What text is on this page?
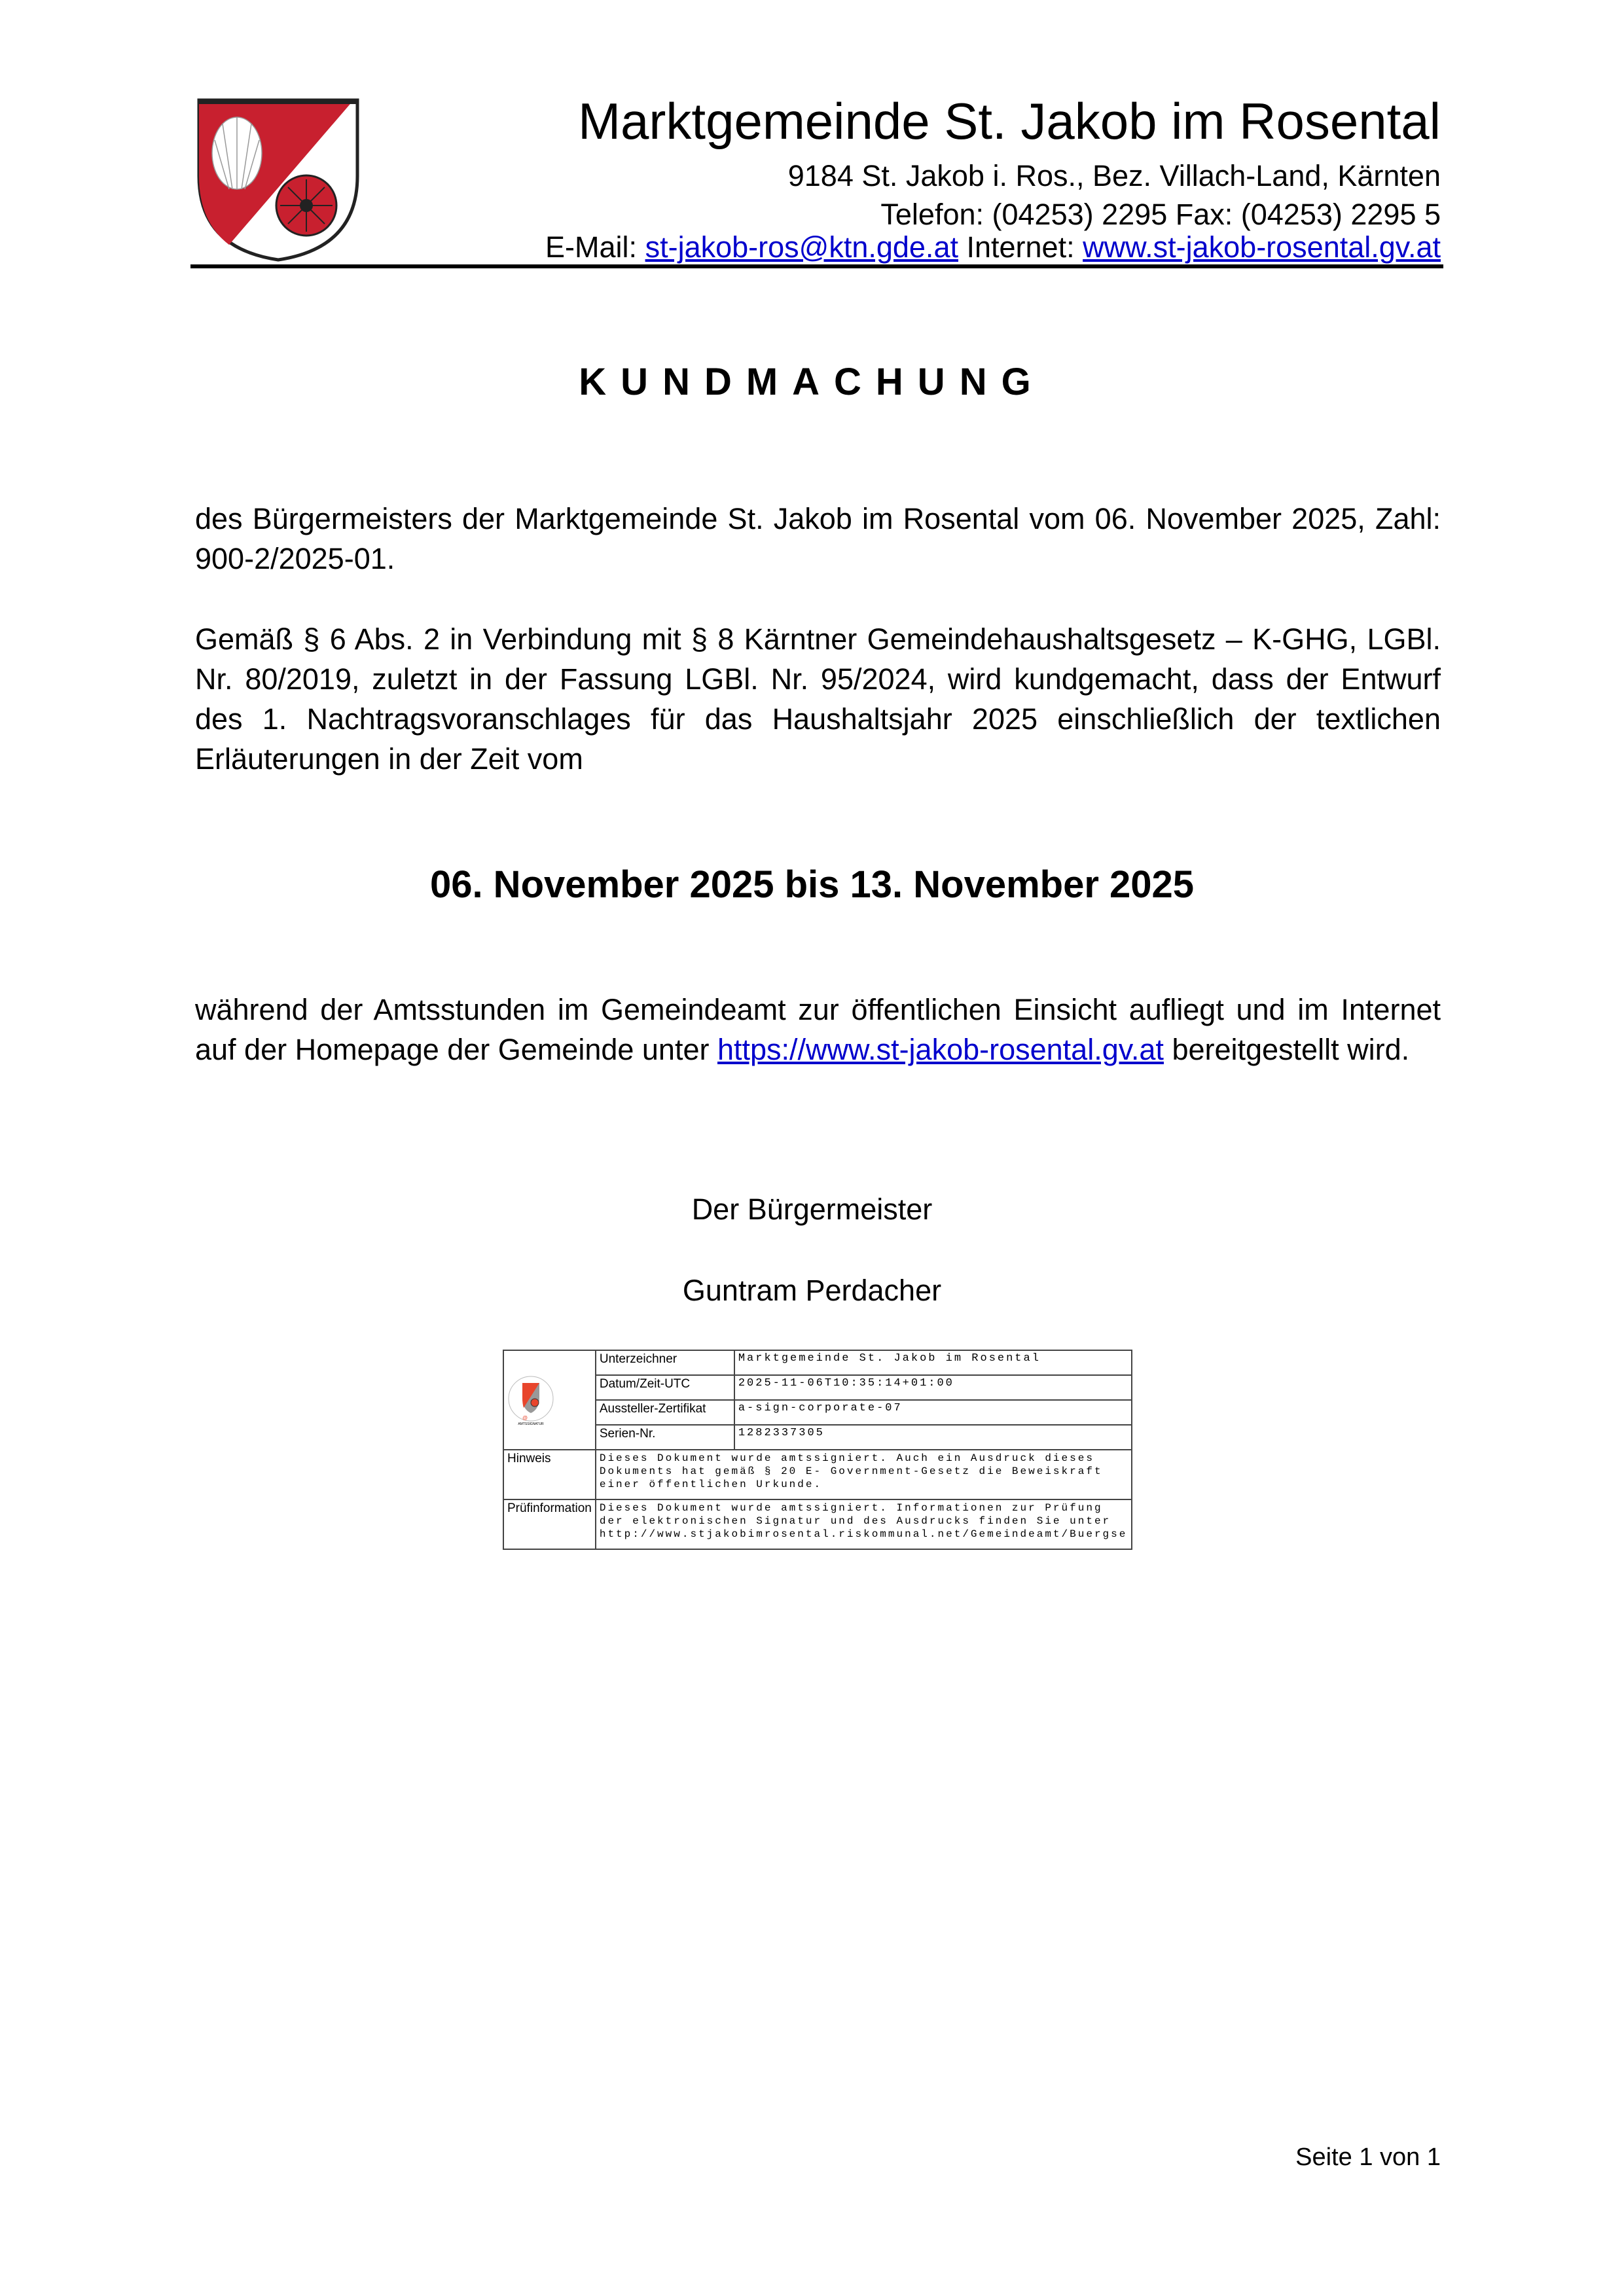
Marktgemeinde St. Jakob im Rosental
9184 St. Jakob i. Ros., Bez. Villach-Land, Kärnten
Telefon: (04253) 2295 Fax: (04253) 2295 5
E-Mail: st-jakob-ros@ktn.gde.at Internet: www.st-jakob-rosental.gv.at
KUNDMACHUNG
des Bürgermeisters der Marktgemeinde St. Jakob im Rosental vom 06. November 2025, Zahl: 900-2/2025-01.
Gemäß § 6 Abs. 2 in Verbindung mit § 8 Kärntner Gemeindehaushaltsgesetz – K-GHG, LGBl. Nr. 80/2019, zuletzt in der Fassung LGBl. Nr. 95/2024, wird kundgemacht, dass der Entwurf des 1. Nachtragsvoranschlages für das Haushaltsjahr 2025 einschließlich der textlichen Erläuterungen in der Zeit vom
06. November 2025 bis 13. November 2025
während der Amtsstunden im Gemeindeamt zur öffentlichen Einsicht aufliegt und im Internet auf der Homepage der Gemeinde unter https://www.st-jakob-rosental.gv.at bereitgestellt wird.
Der Bürgermeister
Guntram Perdacher
@
AMTSSIGNATUR	Unterzeichner	Marktgemeinde St. Jakob im Rosental
	Datum/Zeit-UTC	2025-11-06T10:35:14+01:00
	Aussteller-Zertifikat	a-sign-corporate-07
	Serien-Nr.	1282337305
Hinweis	Dieses Dokument wurde amtssigniert. Auch ein Ausdruck dieses
Dokuments hat gemäß § 20 E- Government-Gesetz die Beweiskraft
einer öffentlichen Urkunde.	
Prüfinformation	Dieses Dokument wurde amtssigniert. Informationen zur Prüfung
der elektronischen Signatur und des Ausdrucks finden Sie unter
http://www.stjakobimrosental.riskommunal.net/Gemeindeamt/Buergse	
Seite 1 von 1
